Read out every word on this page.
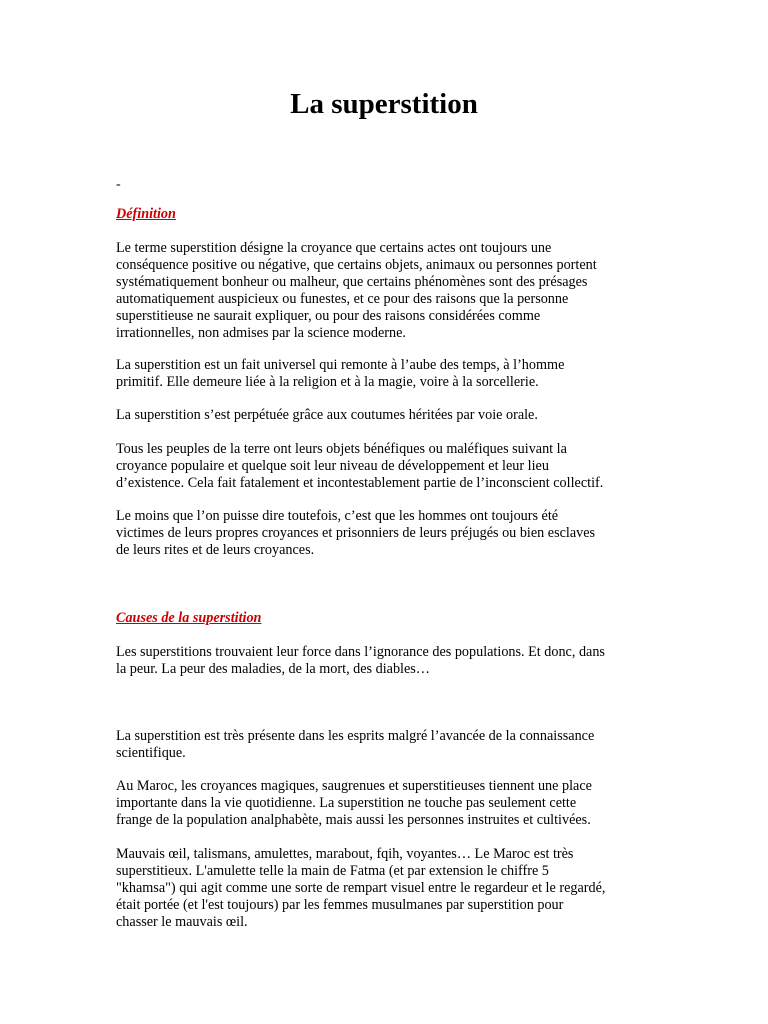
La superstition
-
Définition

Le terme superstition désigne la croyance que certains actes ont toujours une
conséquence positive ou négative, que certains objets, animaux ou personnes portent
systématiquement bonheur ou malheur, que certains phénomènes sont des présages
automatiquement auspicieux ou funestes, et ce pour des raisons que la personne
superstitieuse ne saurait expliquer, ou pour des raisons considérées comme
irrationnelles, non admises par la science moderne.

La superstition est un fait universel qui remonte à l’aube des temps, à l’homme
primitif. Elle demeure liée à la religion et à la magie, voire à la sorcellerie.

La superstition s’est perpétuée grâce aux coutumes héritées par voie orale.

Tous les peuples de la terre ont leurs objets bénéfiques ou maléfiques suivant la
croyance populaire et quelque soit leur niveau de développement et leur lieu
d’existence. Cela fait fatalement et incontestablement partie de l’inconscient collectif.

Le moins que l’on puisse dire toutefois, c’est que les hommes ont toujours été
victimes de leurs propres croyances et prisonniers de leurs préjugés ou bien esclaves
de leurs rites et de leurs croyances.

Causes de la superstition

Les superstitions trouvaient leur force dans l’ignorance des populations. Et donc, dans
la peur. La peur des maladies, de la mort, des diables…

La superstition est très présente dans les esprits malgré l’avancée de la connaissance
scientifique.

Au Maroc, les croyances magiques, saugrenues et superstitieuses tiennent une place
importante dans la vie quotidienne. La superstition ne touche pas seulement cette
frange de la population analphabète, mais aussi les personnes instruites et cultivées.

Mauvais œil, talismans, amulettes, marabout, fqih, voyantes… Le Maroc est très
superstitieux. L'amulette telle la main de Fatma (et par extension le chiffre 5
"khamsa") qui agit comme une sorte de rempart visuel entre le regardeur et le regardé,
était portée (et l'est toujours) par les femmes musulmanes par superstition pour
chasser le mauvais œil.
